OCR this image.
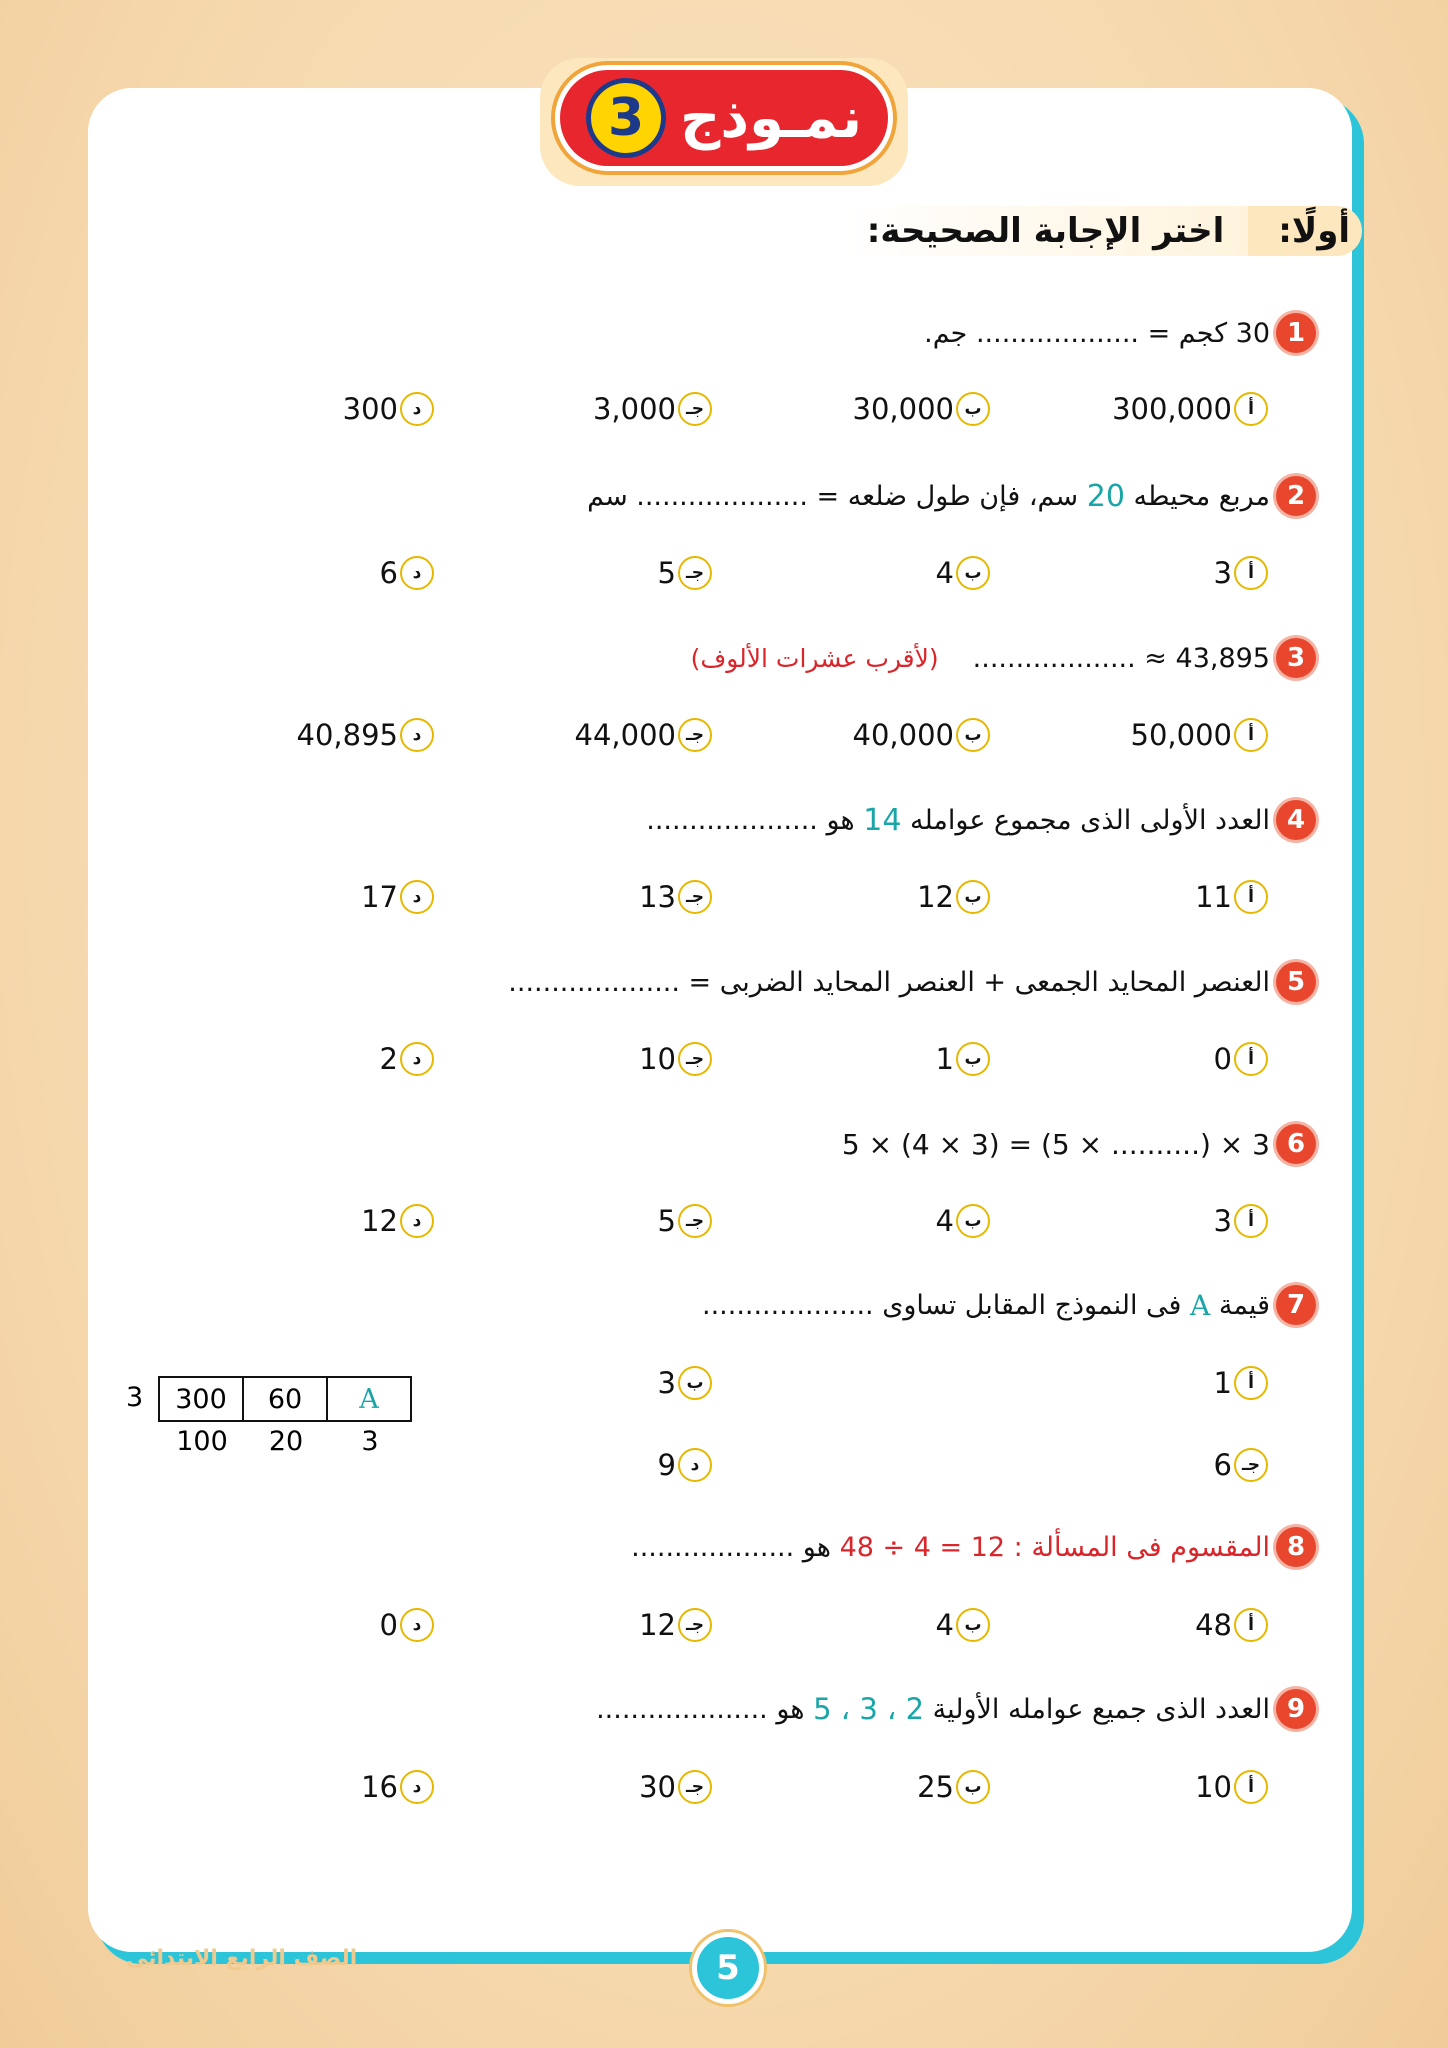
نمـوذج
3
أولًا:
اختر الإجابة الصحيحة:
1
30 كجم = ................... جم.
2
مربع محيطه
20
سم، فإن طول ضلعه = .................... سم
3
................... ≈ 43,895
(لأقرب عشرات الألوف)
4
العدد الأولى الذى مجموع عوامله
14
هو ....................
5
العنصر المحايد الجمعى + العنصر المحايد الضربى = ....................
6
5 × (4 × 3) = (5 × ..........) × 3
7
قيمة
A
فى النموذج المقابل تساوى ....................
8
المقسوم فى المسألة : 12 = 4 ÷ 48
هو ...................
9
العدد الذى جميع عوامله الأولية
2 ، 3 ، 5
هو ....................
أ
300,000
ب
30,000
جـ
3,000
د
300
أ
3
ب
4
جـ
5
د
6
أ
50,000
ب
40,000
جـ
44,000
د
40,895
أ
11
ب
12
جـ
13
د
17
أ
0
ب
1
جـ
10
د
2
أ
3
ب
4
جـ
5
د
12
أ
1
ب
3
جـ
6
د
9
أ
48
ب
4
جـ
12
د
0
أ
10
ب
25
جـ
30
د
16
3	300	60	A
100	20	3
5
الصف الرابع الابتدائى
